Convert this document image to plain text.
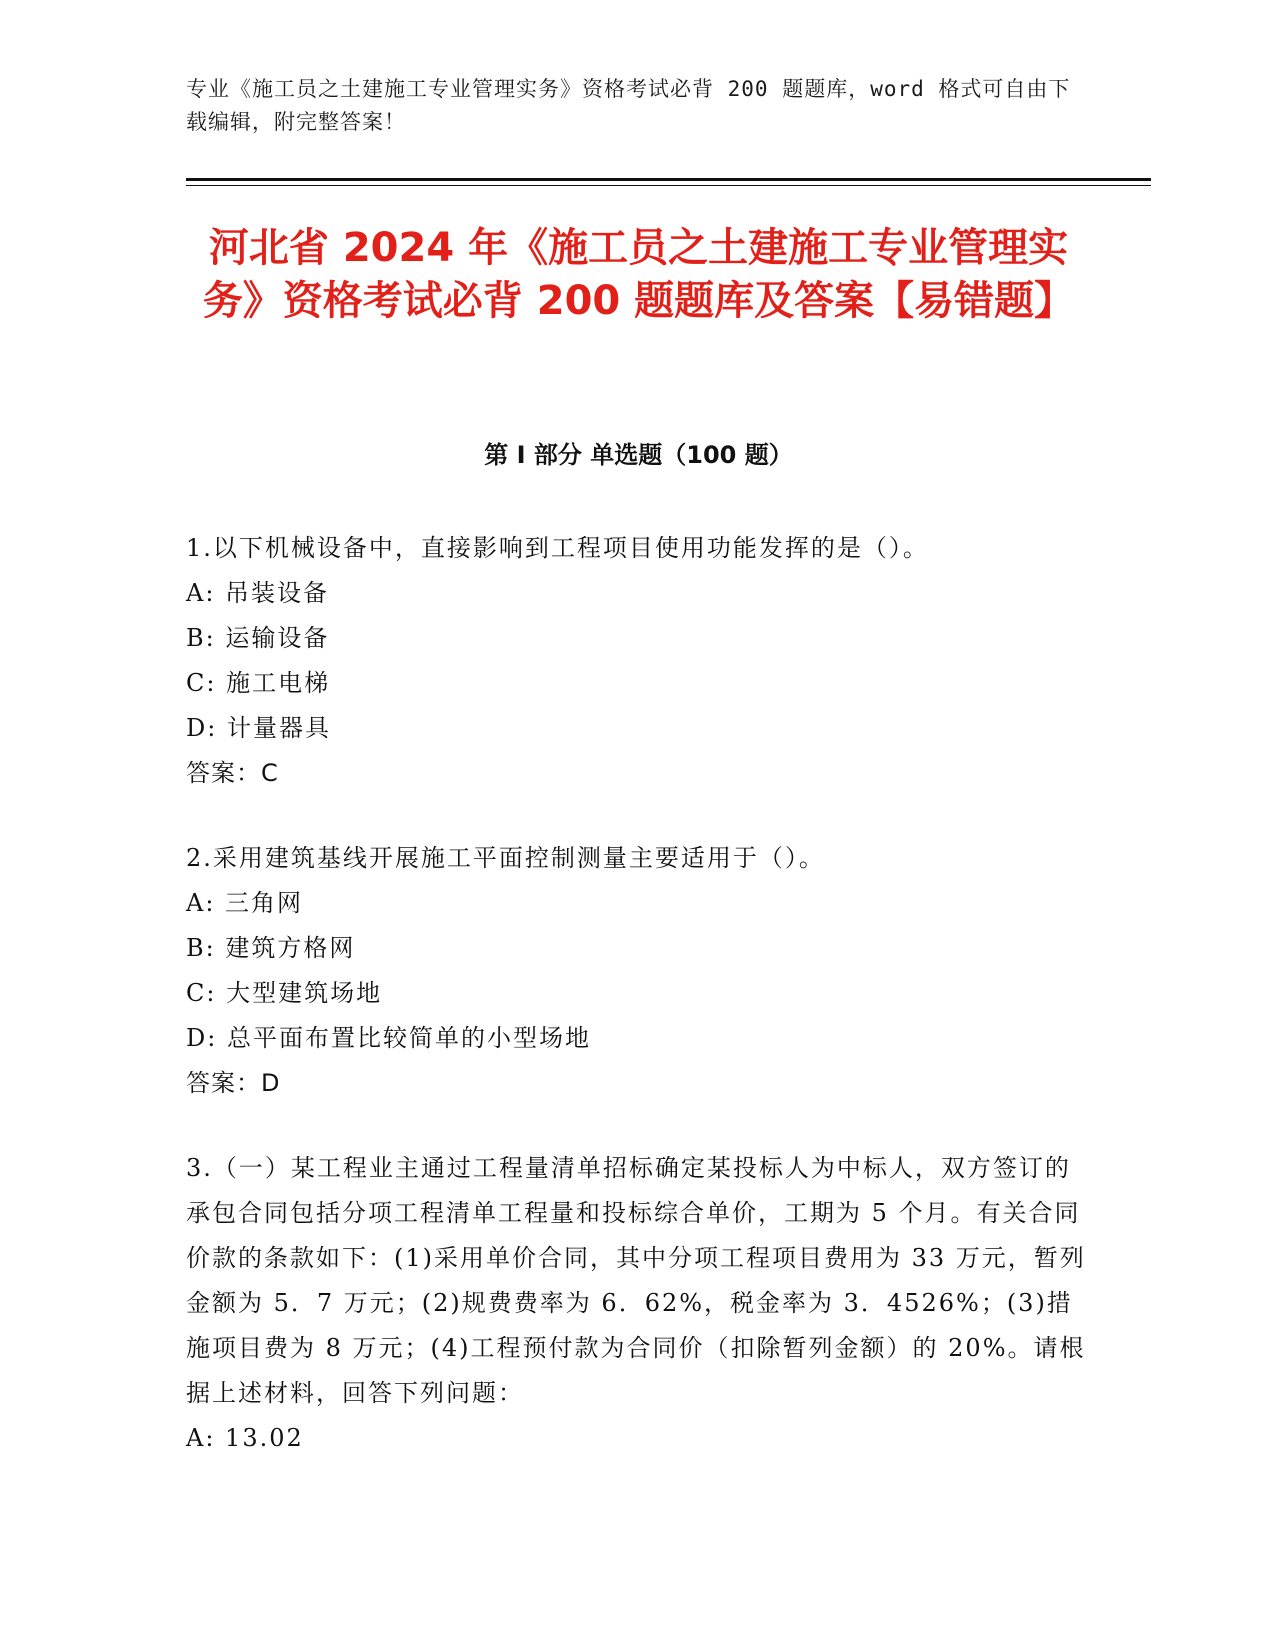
专业《施工员之土建施工专业管理实务》资格考试必背 200 题题库，word 格式可自由下载编辑，附完整答案！
河北省 2024 年《施工员之土建施工专业管理实务》资格考试必背 200 题题库及答案【易错题】
第 I 部分 单选题（100 题）
1.以下机械设备中，直接影响到工程项目使用功能发挥的是（）。
A: 吊装设备
B: 运输设备
C: 施工电梯
D: 计量器具
答案：C
2.采用建筑基线开展施工平面控制测量主要适用于（）。
A: 三角网
B: 建筑方格网
C: 大型建筑场地
D: 总平面布置比较简单的小型场地
答案：D
3.（一）某工程业主通过工程量清单招标确定某投标人为中标人，双方签订的承包合同包括分项工程清单工程量和投标综合单价，工期为 5 个月。有关合同价款的条款如下：(1)采用单价合同，其中分项工程项目费用为 33 万元，暂列金额为 5．7 万元；(2)规费费率为 6．62%，税金率为 3．4526%；(3)措施项目费为 8 万元；(4)工程预付款为合同价（扣除暂列金额）的 20%。请根据上述材料，回答下列问题：
A: 13.02
